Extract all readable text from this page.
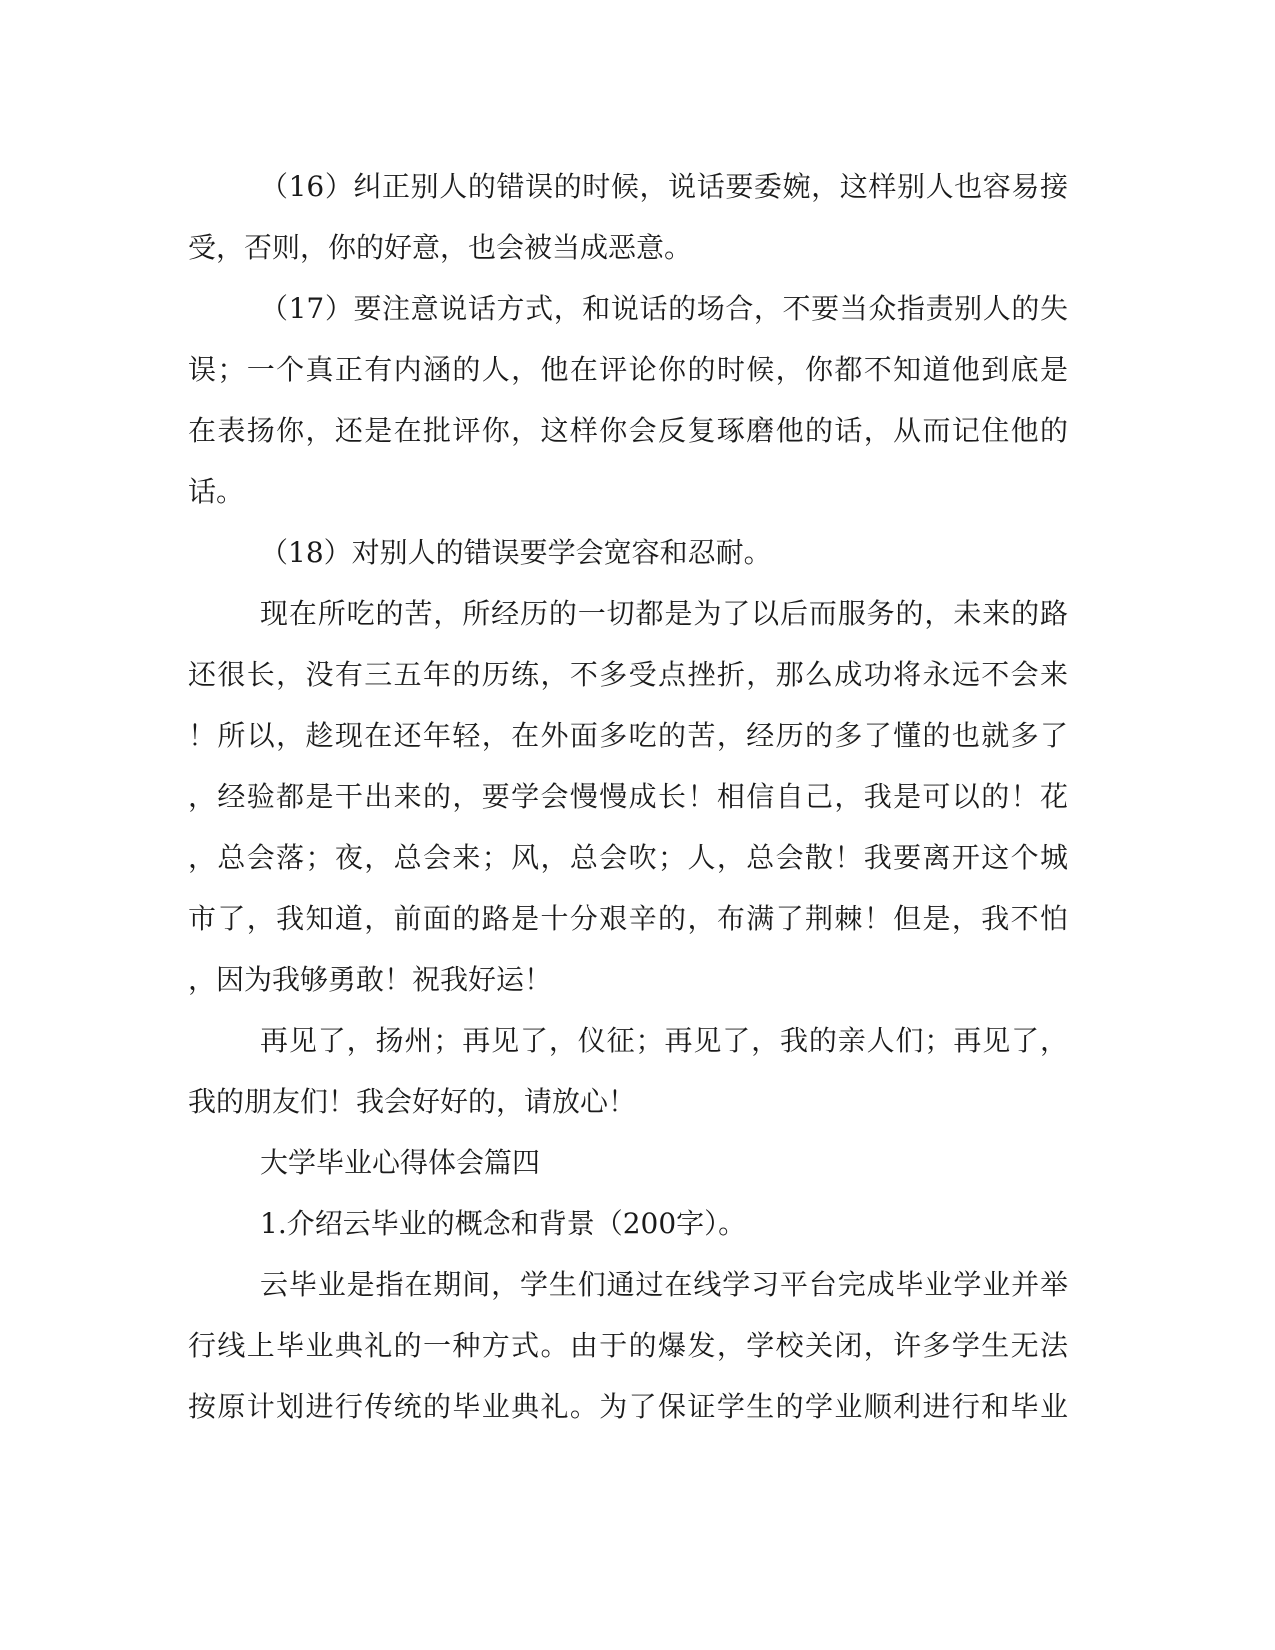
（16）纠正别人的错误的时候，说话要委婉，这样别人也容易接
受，否则，你的好意，也会被当成恶意。
（17）要注意说话方式，和说话的场合，不要当众指责别人的失
误；一个真正有内涵的人，他在评论你的时候，你都不知道他到底是
在表扬你，还是在批评你，这样你会反复琢磨他的话，从而记住他的
话。
（18）对别人的错误要学会宽容和忍耐。
现在所吃的苦，所经历的一切都是为了以后而服务的，未来的路
还很长，没有三五年的历练，不多受点挫折，那么成功将永远不会来
！所以，趁现在还年轻，在外面多吃的苦，经历的多了懂的也就多了
，经验都是干出来的，要学会慢慢成长！相信自己，我是可以的！花
，总会落；夜，总会来；风，总会吹；人，总会散！我要离开这个城
市了，我知道，前面的路是十分艰辛的，布满了荆棘！但是，我不怕
，因为我够勇敢！祝我好运！
再见了，扬州；再见了，仪征；再见了，我的亲人们；再见了，
我的朋友们！我会好好的，请放心！
大学毕业心得体会篇四
1.介绍云毕业的概念和背景（200字）。
云毕业是指在期间，学生们通过在线学习平台完成毕业学业并举
行线上毕业典礼的一种方式。由于的爆发，学校关闭，许多学生无法
按原计划进行传统的毕业典礼。为了保证学生的学业顺利进行和毕业
